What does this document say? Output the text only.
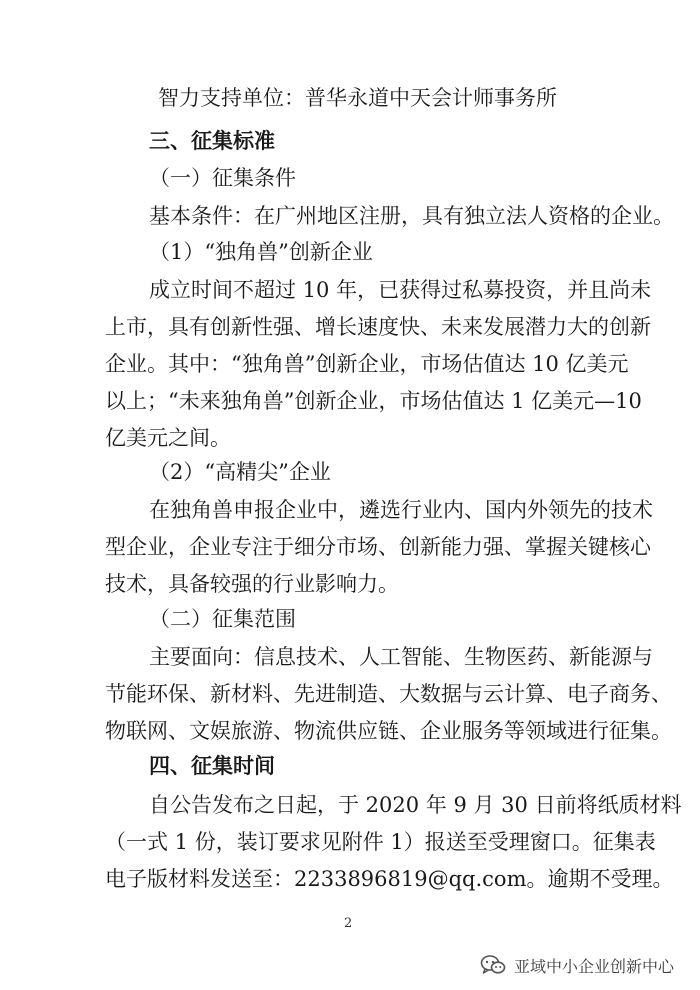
智力支持单位：普华永道中天会计师事务所
三、征集标准
（一）征集条件
基本条件：在广州地区注册，具有独立法人资格的企业。
（1）“独角兽”创新企业
成立时间不超过 10 年，已获得过私募投资，并且尚未
上市，具有创新性强、增长速度快、未来发展潜力大的创新
企业。其中：“独角兽”创新企业，市场估值达 10 亿美元
以上；“未来独角兽”创新企业，市场估值达 1 亿美元—10
亿美元之间。
（2）“高精尖”企业
在独角兽申报企业中，遴选行业内、国内外领先的技术
型企业，企业专注于细分市场、创新能力强、掌握关键核心
技术，具备较强的行业影响力。
（二）征集范围
主要面向：信息技术、人工智能、生物医药、新能源与
节能环保、新材料、先进制造、大数据与云计算、电子商务、
物联网、文娱旅游、物流供应链、企业服务等领域进行征集。
四、征集时间
自公告发布之日起，于 2020 年 9 月 30 日前将纸质材料
（一式 1 份，装订要求见附件 1）报送至受理窗口。征集表
电子版材料发送至：2233896819@qq.com。逾期不受理。
2
亚域中小企业创新中心
